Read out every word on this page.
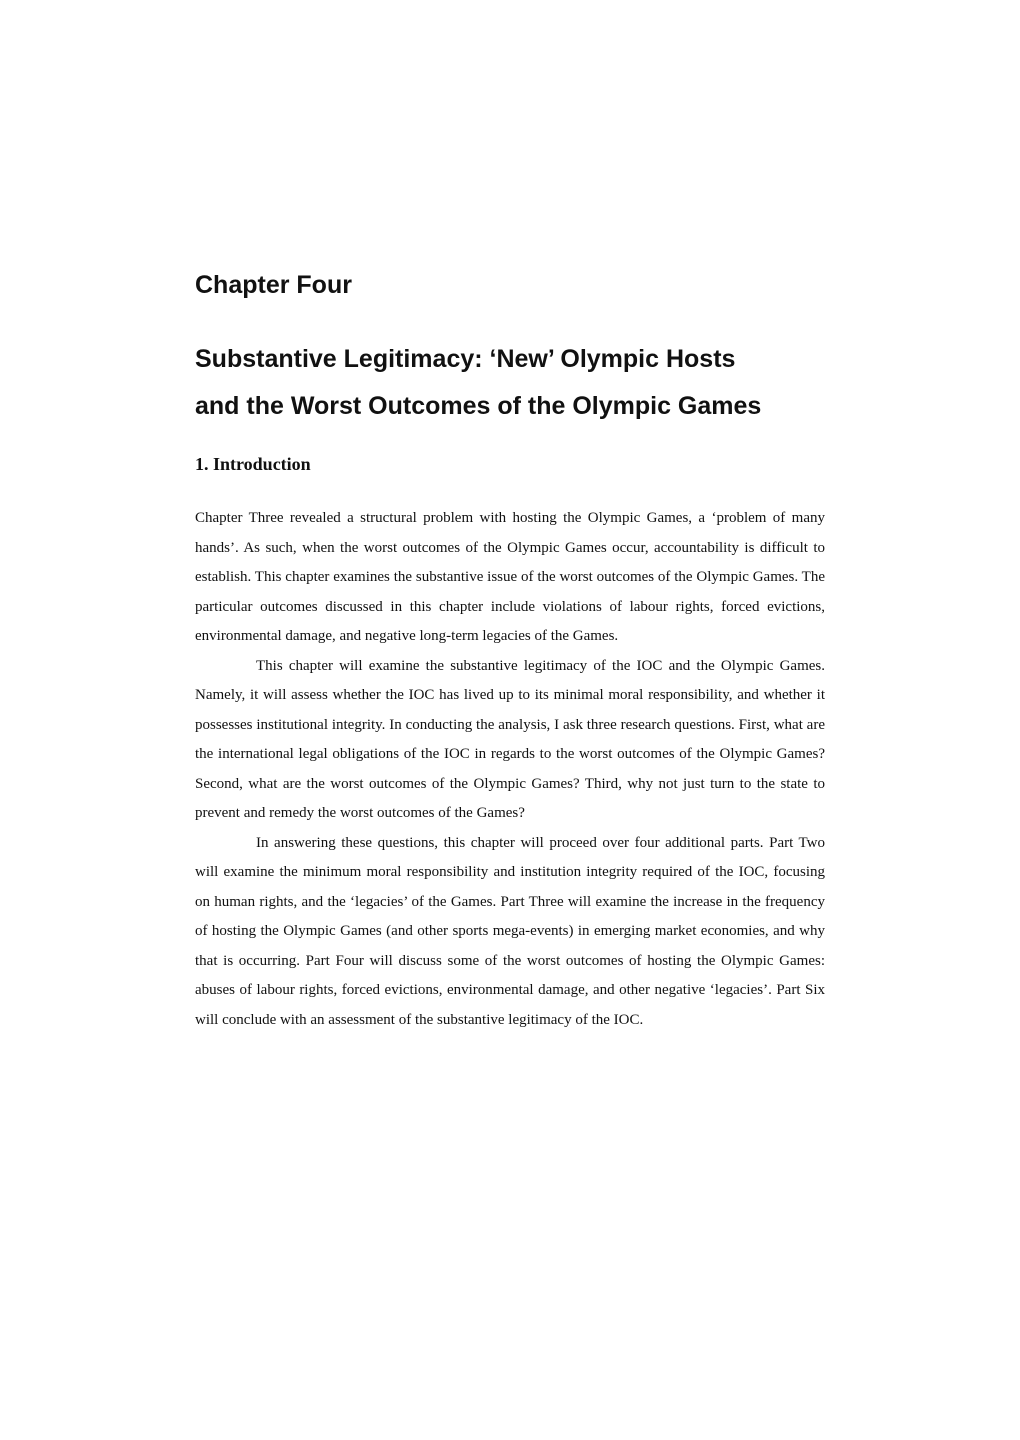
Chapter Four
Substantive Legitimacy: ‘New’ Olympic Hosts
and the Worst Outcomes of the Olympic Games
1. Introduction

Chapter Three revealed a structural problem with hosting the Olympic Games, a ‘problem of many hands’. As such, when the worst outcomes of the Olympic Games occur, accountability is difficult to establish. This chapter examines the substantive issue of the worst outcomes of the Olympic Games. The particular outcomes discussed in this chapter include violations of labour rights, forced evictions, environmental damage, and negative long-term legacies of the Games.

This chapter will examine the substantive legitimacy of the IOC and the Olympic Games. Namely, it will assess whether the IOC has lived up to its minimal moral responsibility, and whether it possesses institutional integrity. In conducting the analysis, I ask three research questions. First, what are the international legal obligations of the IOC in regards to the worst outcomes of the Olympic Games? Second, what are the worst outcomes of the Olympic Games? Third, why not just turn to the state to prevent and remedy the worst outcomes of the Games?

In answering these questions, this chapter will proceed over four additional parts. Part Two will examine the minimum moral responsibility and institution integrity required of the IOC, focusing on human rights, and the ‘legacies’ of the Games. Part Three will examine the increase in the frequency of hosting the Olympic Games (and other sports mega-events) in emerging market economies, and why that is occurring. Part Four will discuss some of the worst outcomes of hosting the Olympic Games: abuses of labour rights, forced evictions, environmental damage, and other negative ‘legacies’. Part Six will conclude with an assessment of the substantive legitimacy of the IOC.
